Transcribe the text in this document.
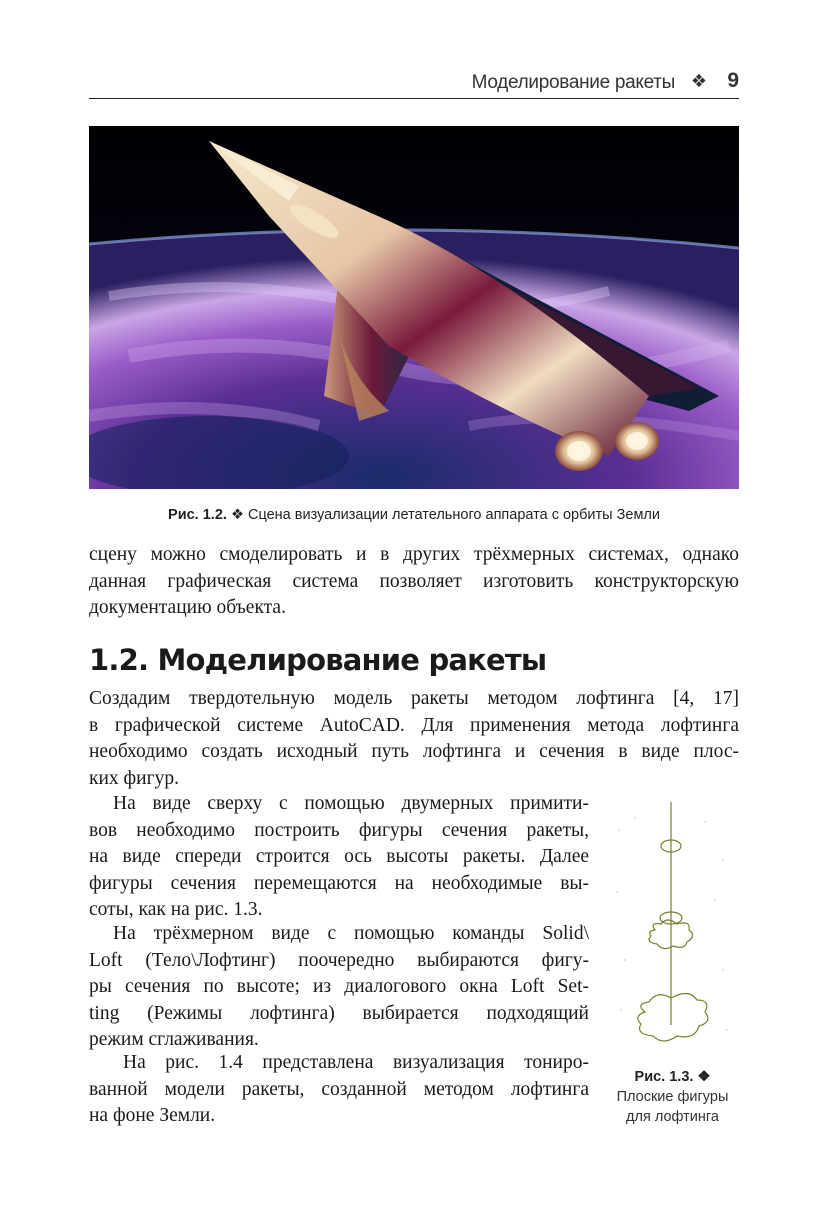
Моделирование ракеты ❖ 9
Рис. 1.2. ❖ Сцена визуализации летательного аппарата с орбиты Земли
сцену можно смоделировать и в других трёхмерных системах, однако
данная графическая система позволяет изготовить конструкторскую
документацию объекта.
1.2. Моделирование ракеты
Создадим твердотельную модель ракеты методом лофтинга [4, 17]
в графической системе AutoCAD. Для применения метода лофтинга
необходимо создать исходный путь лофтинга и сечения в виде плос-
ких фигур.
На виде сверху с помощью двумерных примити-
вов необходимо построить фигуры сечения ракеты,
на виде спереди строится ось высоты ракеты. Далее
фигуры сечения перемещаются на необходимые вы-
соты, как на рис. 1.3.
На трёхмерном виде с помощью команды Solid\
Loft (Тело\Лофтинг) поочередно выбираются фигу-
ры сечения по высоте; из диалогового окна Loft Set-
ting (Режимы лофтинга) выбирается подходящий
режим сглаживания.
На рис. 1.4 представлена визуализация тониро-
ванной модели ракеты, созданной методом лофтинга
на фоне Земли.
Рис. 1.3. ❖
Плоские фигуры
для лофтинга
